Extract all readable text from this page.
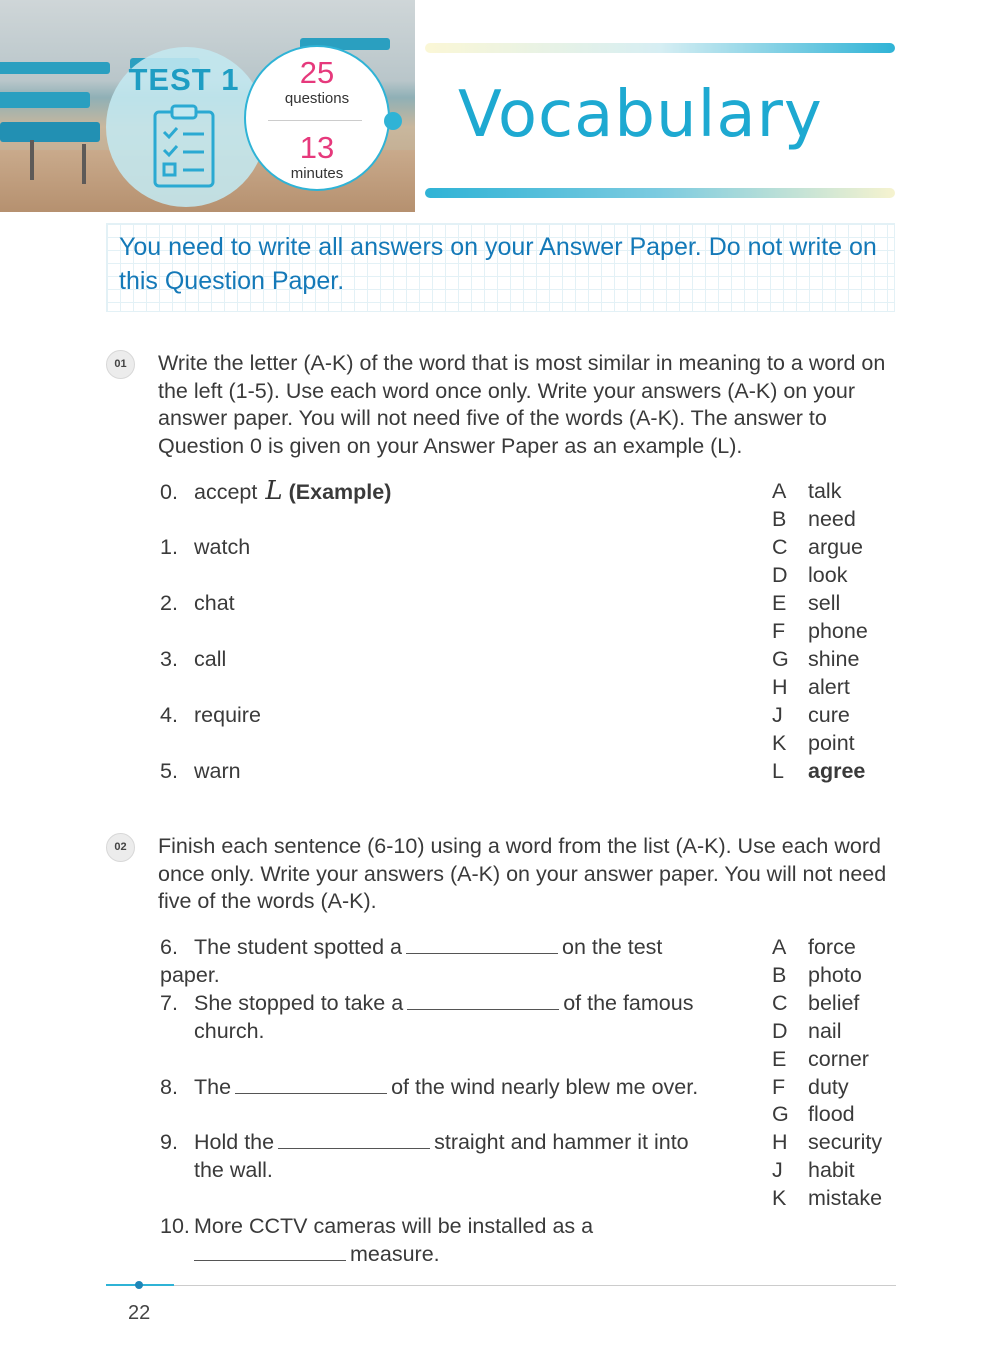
TEST 1	25
questions
13
minutes
Vocabulary
You need to write all answers on your Answer Paper. Do not write on this Question Paper.
01	Write the letter (A-K) of the word that is most similar in meaning to a word on the left (1-5). Use each word once only. Write your answers (A-K) on your answer paper. You will not need five of the words (A-K). The answer to Question 0 is given on your Answer Paper as an example (L).
0. accept L (Example)
1. watch
2. chat
3. call
4. require
5. warn
A talk
B need
C argue
D look
E sell
F phone
G shine
H alert
J cure
K point
L agree
02	Finish each sentence (6-10) using a word from the list (A-K). Use each word once only. Write your answers (A-K) on your answer paper. You will not need five of the words (A-K).
6. The student spotted a	on the test paper.
7. She stopped to take a	of the famous
church.
8. The	of the wind nearly blew me over.
9. Hold the	straight and hammer it into
the wall.
10. More CCTV cameras will be installed as a
measure.
A force
B photo
C belief
D nail
E corner
F duty
G flood
H security
J habit
K mistake
22
